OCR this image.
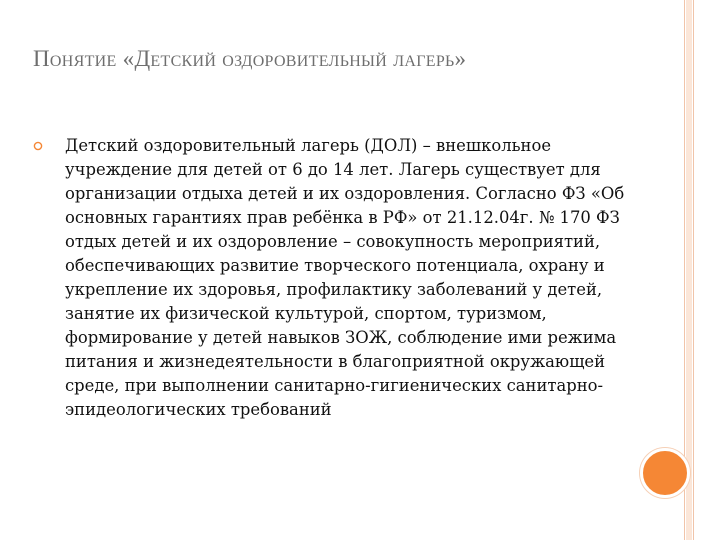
Понятие «Детский оздоровительный лагерь»

Детский оздоровительный лагерь (ДОЛ) – внешкольное учреждение для детей от 6 до 14 лет. Лагерь существует для организации отдыха детей и их оздоровления. Согласно ФЗ «Об основных гарантиях прав ребёнка в РФ» от 21.12.04г. № 170 ФЗ отдых детей и их оздоровление – совокупность мероприятий, обеспечивающих развитие творческого потенциала, охрану и укрепление их здоровья, профилактику заболеваний у детей, занятие их физической культурой, спортом, туризмом, формирование у детей навыков ЗОЖ, соблюдение ими режима питания и жизнедеятельности в благоприятной окружающей среде, при выполнении санитарно-гигиенических санитарно-эпидеологических требований
